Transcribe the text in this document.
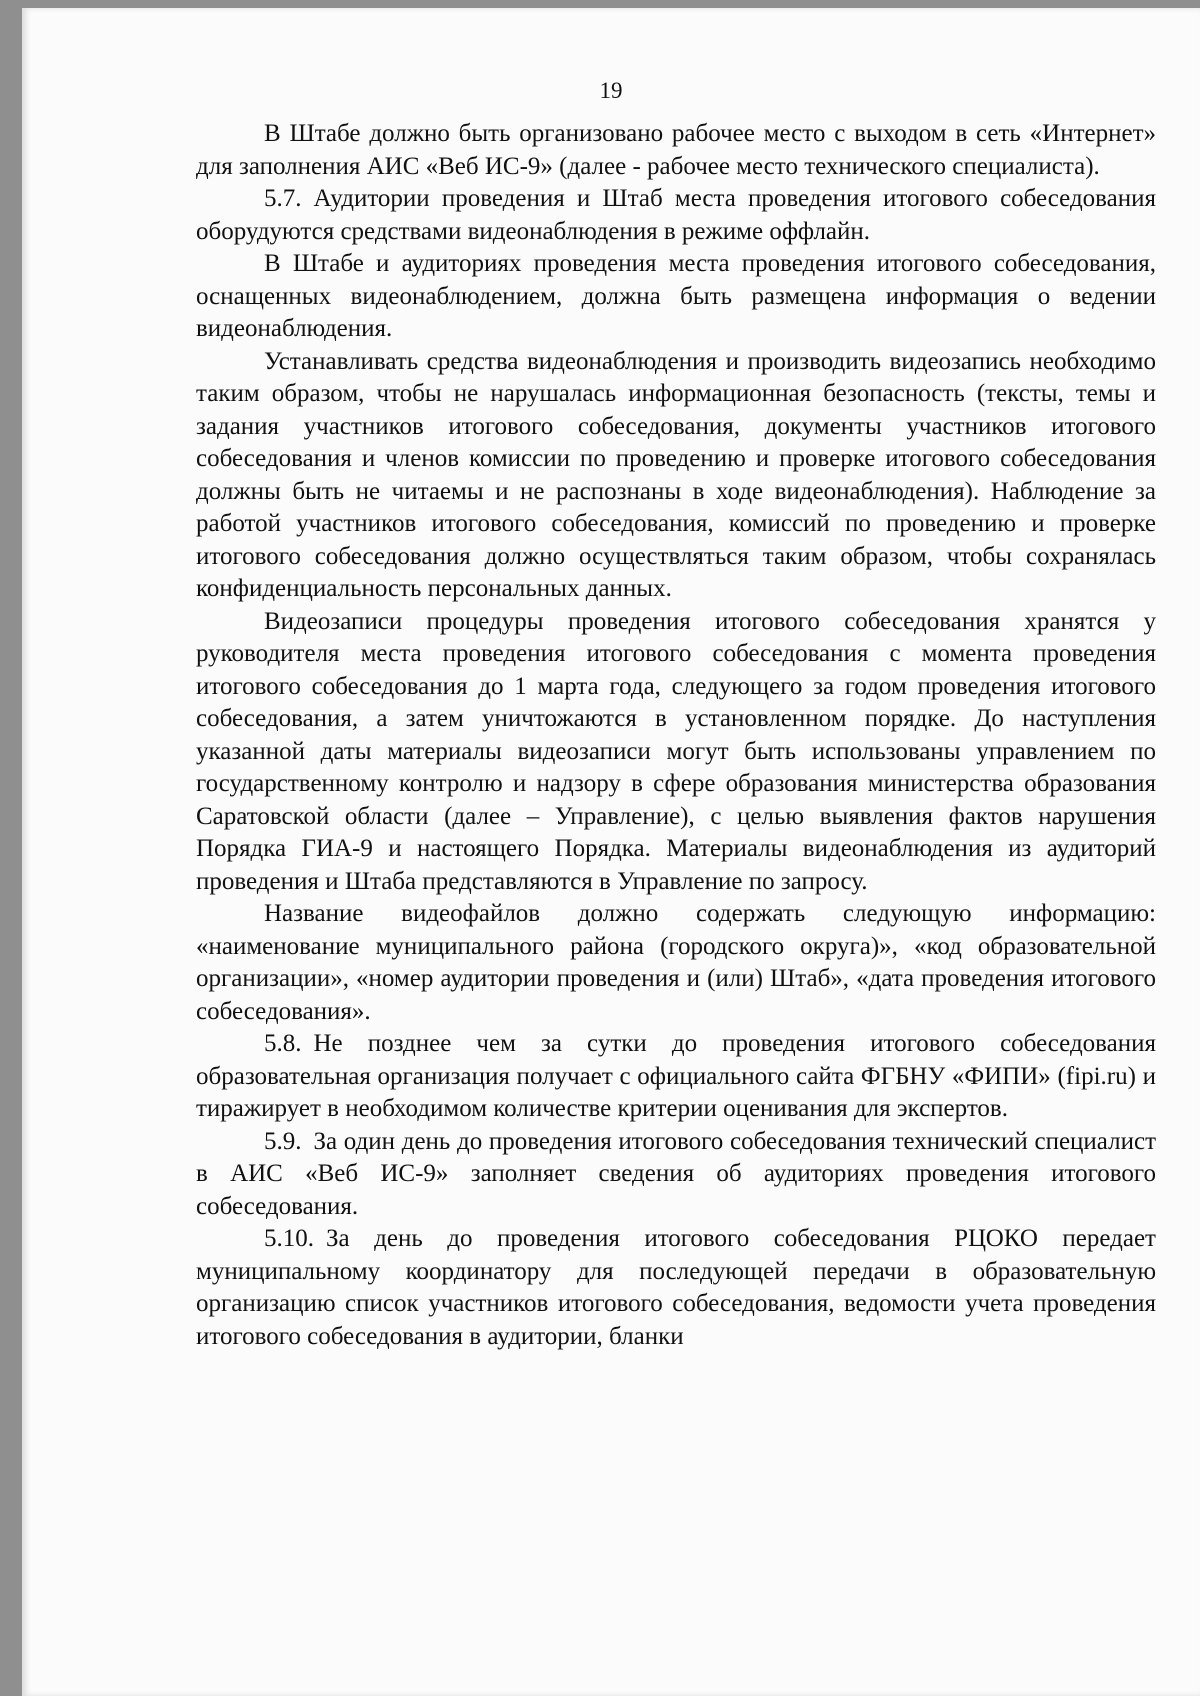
19

В Штабе должно быть организовано рабочее место с выходом в сеть «Интернет» для заполнения АИС «Веб ИС-9» (далее - рабочее место технического специалиста).

5.7. Аудитории проведения и Штаб места проведения итогового собеседования оборудуются средствами видеонаблюдения в режиме оффлайн.

В Штабе и аудиториях проведения места проведения итогового собеседования, оснащенных видеонаблюдением, должна быть размещена информация о ведении видеонаблюдения.

Устанавливать средства видеонаблюдения и производить видеозапись необходимо таким образом, чтобы не нарушалась информационная безопасность (тексты, темы и задания участников итогового собеседования, документы участников итогового собеседования и членов комиссии по проведению и проверке итогового собеседования должны быть не читаемы и не распознаны в ходе видеонаблюдения). Наблюдение за работой участников итогового собеседования, комиссий по проведению и проверке итогового собеседования должно осуществляться таким образом, чтобы сохранялась конфиденциальность персональных данных.

Видеозаписи процедуры проведения итогового собеседования хранятся у руководителя места проведения итогового собеседования с момента проведения итогового собеседования до 1 марта года, следующего за годом проведения итогового собеседования, а затем уничтожаются в установленном порядке. До наступления указанной даты материалы видеозаписи могут быть использованы управлением по государственному контролю и надзору в сфере образования министерства образования Саратовской области (далее – Управление), с целью выявления фактов нарушения Порядка ГИА-9 и настоящего Порядка. Материалы видеонаблюдения из аудиторий проведения и Штаба представляются в Управление по запросу.

Название видеофайлов должно содержать следующую информацию: «наименование муниципального района (городского округа)», «код образовательной организации», «номер аудитории проведения и (или) Штаб», «дата проведения итогового собеседования».

5.8. Не позднее чем за сутки до проведения итогового собеседования образовательная организация получает с официального сайта ФГБНУ «ФИПИ» (fipi.ru) и тиражирует в необходимом количестве критерии оценивания для экспертов.

5.9. За один день до проведения итогового собеседования технический специалист в АИС «Веб ИС-9» заполняет сведения об аудиториях проведения итогового собеседования.

5.10. За день до проведения итогового собеседования РЦОКО передает муниципальному координатору для последующей передачи в образовательную организацию список участников итогового собеседования, ведомости учета проведения итогового собеседования в аудитории, бланки
